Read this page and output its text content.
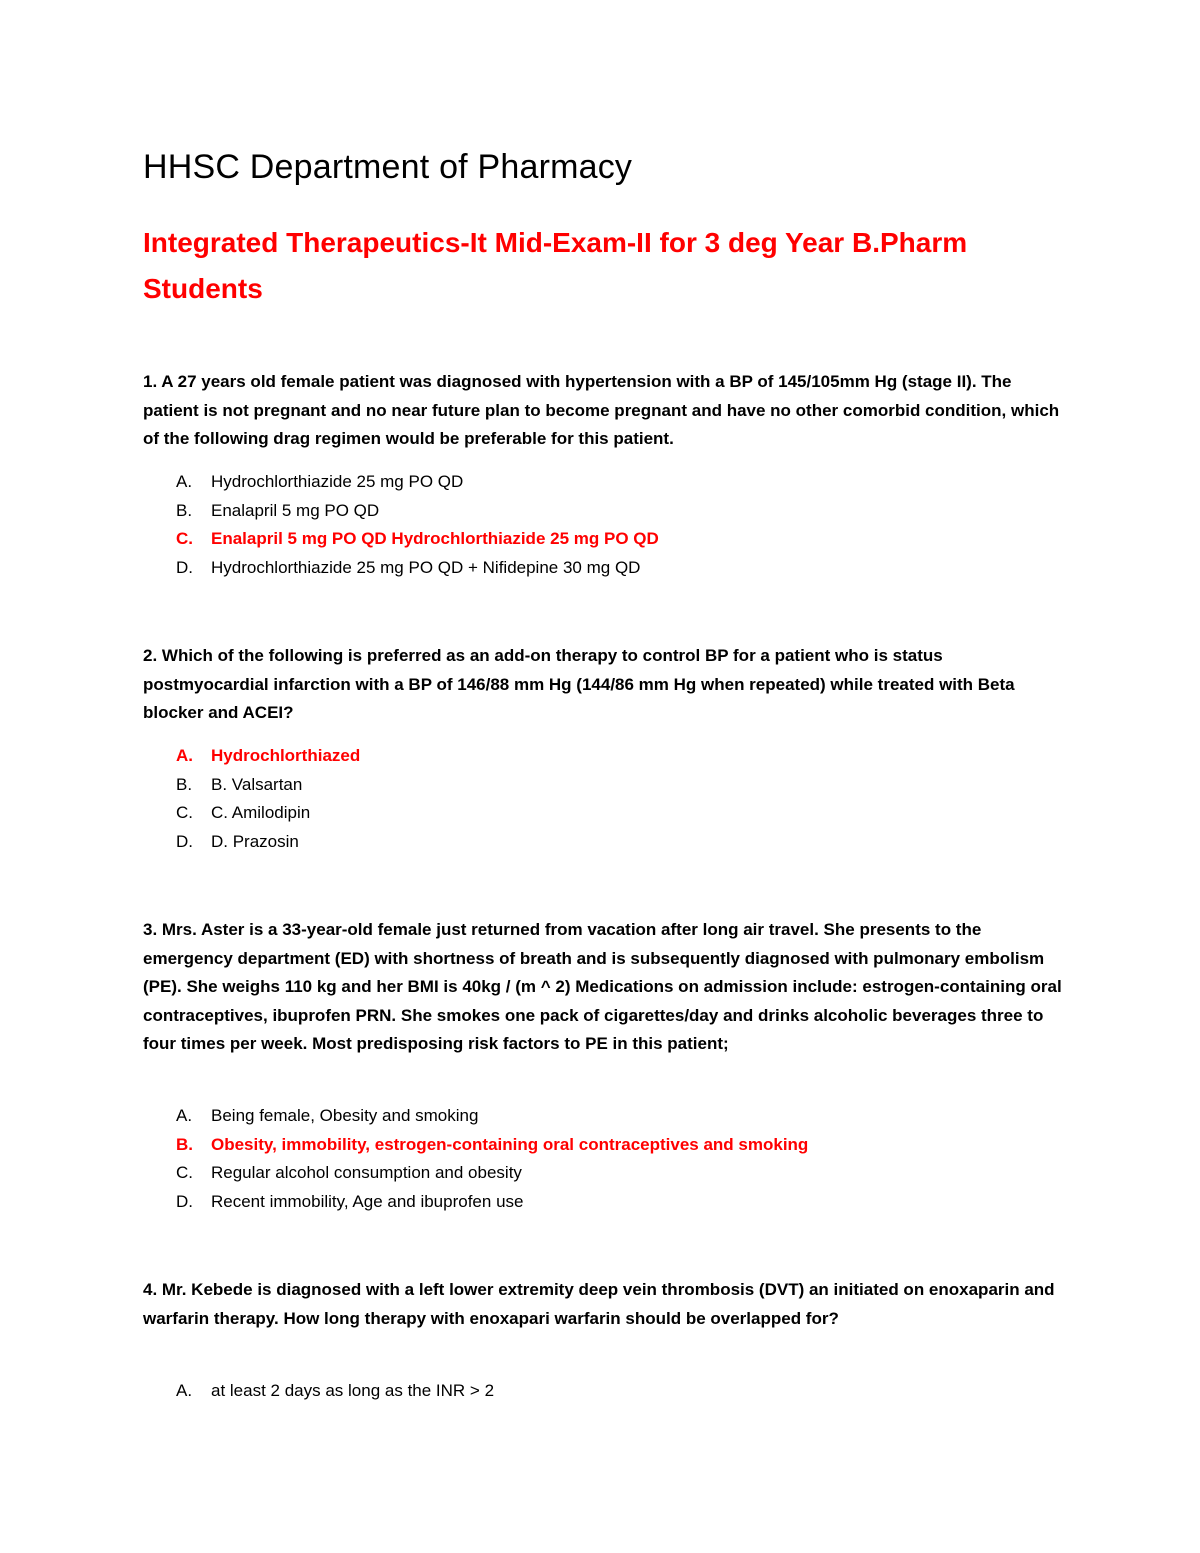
HHSC Department of Pharmacy
Integrated Therapeutics-It Mid-Exam-II for 3 deg Year B.Pharm Students
1. A 27 years old female patient was diagnosed with hypertension with a BP of 145/105mm Hg (stage II). The patient is not pregnant and no near future plan to become pregnant and have no other comorbid condition, which of the following drag regimen would be preferable for this patient.
A. Hydrochlorthiazide 25 mg PO QD
B. Enalapril 5 mg PO QD
C. Enalapril 5 mg PO QD Hydrochlorthiazide 25 mg PO QD
D. Hydrochlorthiazide 25 mg PO QD + Nifidepine 30 mg QD
2. Which of the following is preferred as an add-on therapy to control BP for a patient who is status postmyocardial infarction with a BP of 146/88 mm Hg (144/86 mm Hg when repeated) while treated with Beta blocker and ACEI?
A. Hydrochlorthiazed
B. B. Valsartan
C. C. Amilodipin
D. D. Prazosin
3. Mrs. Aster is a 33-year-old female just returned from vacation after long air travel. She presents to the emergency department (ED) with shortness of breath and is subsequently diagnosed with pulmonary embolism (PE). She weighs 110 kg and her BMI is 40kg / (m ^ 2) Medications on admission include: estrogen-containing oral contraceptives, ibuprofen PRN. She smokes one pack of cigarettes/day and drinks alcoholic beverages three to four times per week. Most predisposing risk factors to PE in this patient;
A. Being female, Obesity and smoking
B. Obesity, immobility, estrogen-containing oral contraceptives and smoking
C. Regular alcohol consumption and obesity
D. Recent immobility, Age and ibuprofen use
4. Mr. Kebede is diagnosed with a left lower extremity deep vein thrombosis (DVT) an initiated on enoxaparin and warfarin therapy. How long therapy with enoxapari warfarin should be overlapped for?
A. at least 2 days as long as the INR > 2
